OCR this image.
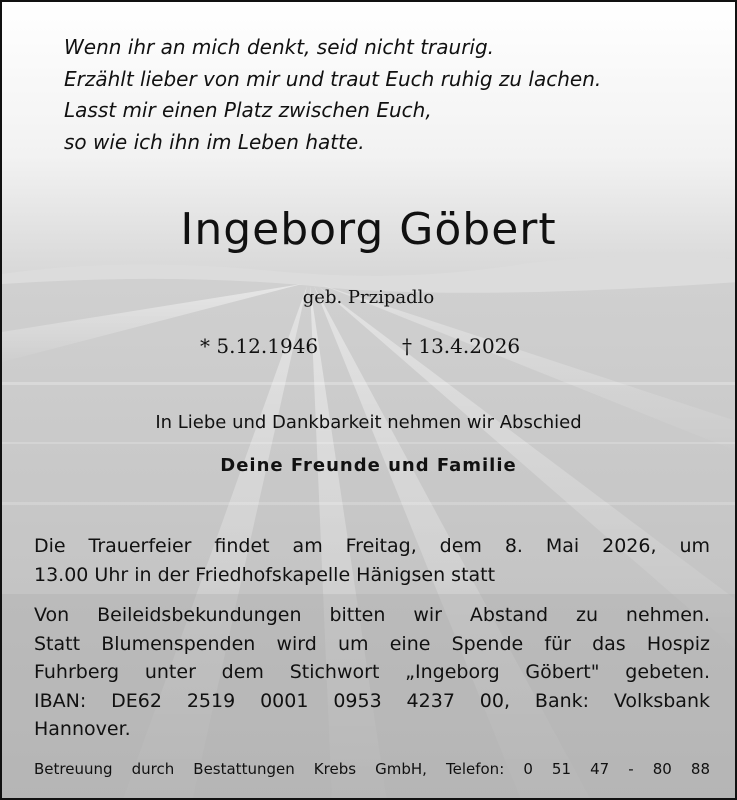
Wenn ihr an mich denkt, seid nicht traurig.
Erzählt lieber von mir und traut Euch ruhig zu lachen.
Lasst mir einen Platz zwischen Euch,
so wie ich ihn im Leben hatte.
Ingeborg Göbert
geb. Przipadlo
* 5.12.1946	† 13.4.2026
In Liebe und Dankbarkeit nehmen wir Abschied
Deine Freunde und Familie
Die Trauerfeier findet am Freitag, dem 8. Mai 2026, um
13.00 Uhr in der Friedhofskapelle Hänigsen statt
Von Beileidsbekundungen bitten wir Abstand zu nehmen.
Statt Blumenspenden wird um eine Spende für das Hospiz
Fuhrberg unter dem Stichwort „Ingeborg Göbert" gebeten.
IBAN: DE62 2519 0001 0953 4237 00, Bank: Volksbank
Hannover.
Betreuung durch Bestattungen Krebs GmbH, Telefon: 0 51 47 - 80 88
